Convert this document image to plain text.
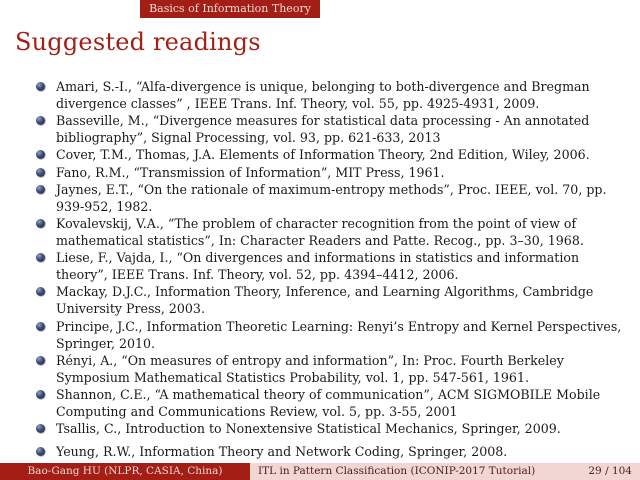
Basics of Information Theory
Suggested readings
Amari, S.-I., “Alfa-divergence is unique, belonging to both-divergence and Bregman divergence classes” , IEEE Trans. Inf. Theory, vol. 55, pp. 4925-4931, 2009.
Basseville, M., “Divergence measures for statistical data processing - An annotated bibliography”, Signal Processing, vol. 93, pp. 621-633, 2013
Cover, T.M., Thomas, J.A. Elements of Information Theory, 2nd Edition, Wiley, 2006.
Fano, R.M., “Transmission of Information”, MIT Press, 1961.
Jaynes, E.T., “On the rationale of maximum-entropy methods”, Proc. IEEE, vol. 70, pp. 939-952, 1982.
Kovalevskij, V.A., “The problem of character recognition from the point of view of mathematical statistics”, In: Character Readers and Patte. Recog., pp. 3–30, 1968.
Liese, F., Vajda, I., “On divergences and informations in statistics and information theory”, IEEE Trans. Inf. Theory, vol. 52, pp. 4394–4412, 2006.
Mackay, D.J.C., Information Theory, Inference, and Learning Algorithms, Cambridge University Press, 2003.
Principe, J.C., Information Theoretic Learning: Renyi’s Entropy and Kernel Perspectives, Springer, 2010.
Rényi, A., “On measures of entropy and information”, In: Proc. Fourth Berkeley Symposium Mathematical Statistics Probability, vol. 1, pp. 547-561, 1961.
Shannon, C.E., “A mathematical theory of communication”, ACM SIGMOBILE Mobile Computing and Communications Review, vol. 5, pp. 3-55, 2001
Tsallis, C., Introduction to Nonextensive Statistical Mechanics, Springer, 2009.
Yeung, R.W., Information Theory and Network Coding, Springer, 2008.
Bao-Gang HU (NLPR, CASIA, China)	ITL in Pattern Classification (ICONIP-2017 Tutorial)	29 / 104
